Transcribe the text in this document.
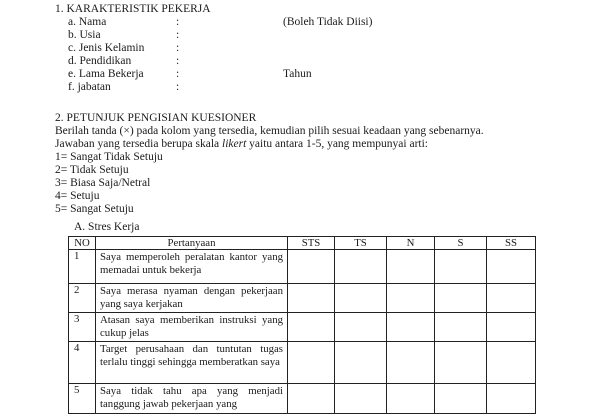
1. KARAKTERISTIK PEKERJA
a. Nama	:	(Boleh Tidak Diisi)
b. Usia	:
c. Jenis Kelamin	:
d. Pendidikan	:
e. Lama Bekerja	:	Tahun
f. jabatan	:
2. PETUNJUK PENGISIAN KUESIONER
Berilah tanda (×) pada kolom yang tersedia, kemudian pilih sesuai keadaan yang sebenarnya.
Jawaban yang tersedia berupa skala likert yaitu antara 1-5, yang mempunyai arti:
1= Sangat Tidak Setuju
2= Tidak Setuju
3= Biasa Saja/Netral
4= Setuju
5= Sangat Setuju
A. Stres Kerja
NO	Pertanyaan	STS	TS	N	S	SS
1	Saya memperoleh peralatan kantor yang memadai untuk bekerja					
2	Saya merasa nyaman dengan pekerjaan yang saya kerjakan					
3	Atasan saya memberikan instruksi yang cukup jelas					
4	Target perusahaan dan tuntutan tugas terlalu tinggi sehingga memberatkan saya					
5	Saya tidak tahu apa yang menjadi tanggung jawab pekerjaan yang					
